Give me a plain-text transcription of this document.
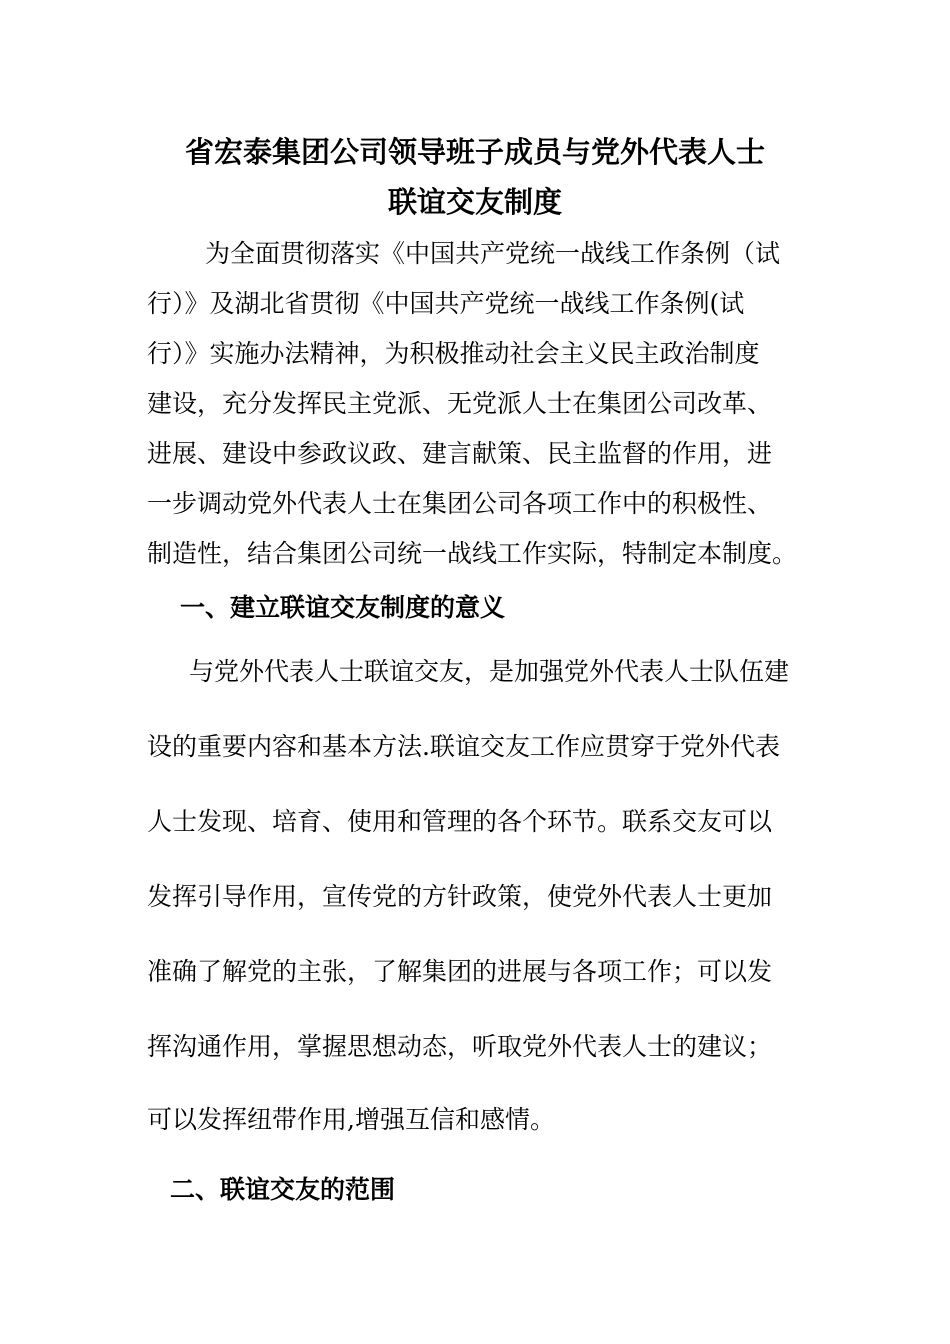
省宏泰集团公司领导班子成员与党外代表人士
联谊交友制度
为全面贯彻落实《中国共产党统一战线工作条例（试
行）》及湖北省贯彻《中国共产党统一战线工作条例(试
行）》实施办法精神，为积极推动社会主义民主政治制度
建设，充分发挥民主党派、无党派人士在集团公司改革、
进展、建设中参政议政、建言献策、民主监督的作用，进
一步调动党外代表人士在集团公司各项工作中的积极性、
制造性，结合集团公司统一战线工作实际，特制定本制度。
一、建立联谊交友制度的意义
与党外代表人士联谊交友，是加强党外代表人士队伍建
设的重要内容和基本方法.联谊交友工作应贯穿于党外代表
人士发现、培育、使用和管理的各个环节。联系交友可以
发挥引导作用，宣传党的方针政策，使党外代表人士更加
准确了解党的主张，了解集团的进展与各项工作；可以发
挥沟通作用，掌握思想动态，听取党外代表人士的建议；
可以发挥纽带作用,增强互信和感情。
二、联谊交友的范围
